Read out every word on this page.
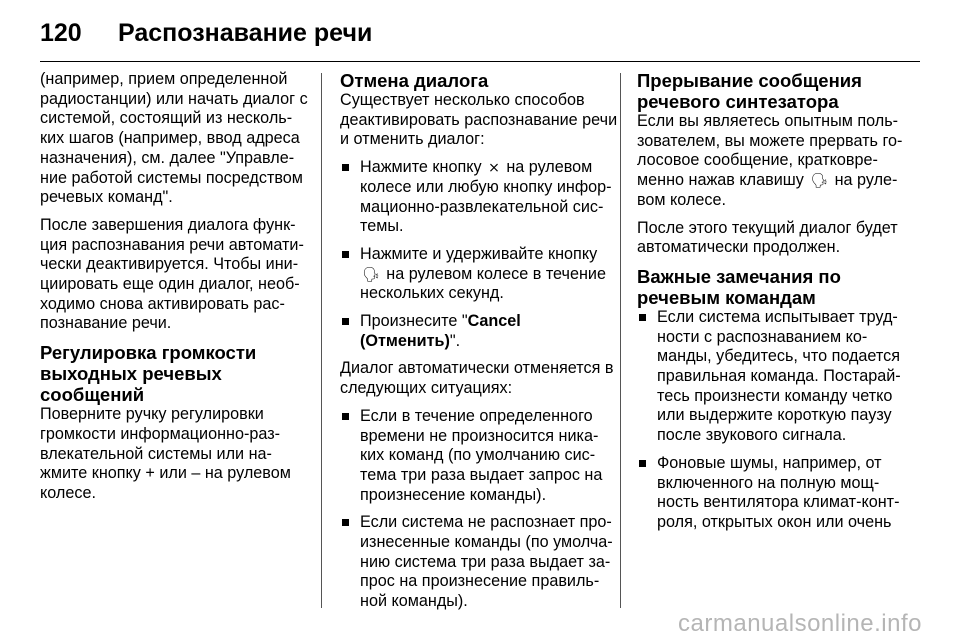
120	Распознавание речи

(например, прием определенной радиостанции) или начать диалог с системой, состоящий из несколь- ких шагов (например, ввод адреса назначения), см. далее "Управле- ние работой системы посредством речевых команд".

После завершения диалога функ- ция распознавания речи автомати- чески деактивируется. Чтобы ини- циировать еще один диалог, необ- ходимо снова активировать рас- познавание речи.

Регулировка громкости выходных речевых сообщений

Поверните ручку регулировки громкости информационно-раз- влекательной системы или на- жмите кнопку + или – на рулевом колесе.

Отмена диалога

Существует несколько способов деактивировать распознавание речи и отменить диалог:

Нажмите кнопку ⨯ на рулевом колесе или любую кнопку инфор- мационно-развлекательной сис- темы.
Нажмите и удерживайте кнопку 🗣 на рулевом колесе в течение нескольких секунд.
Произнесите "Cancel (Отменить)".

Диалог автоматически отменяется в следующих ситуациях:

Если в течение определенного времени не произносится ника- ких команд (по умолчанию сис- тема три раза выдает запрос на произнесение команды).
Если система не распознает про- изнесенные команды (по умолча- нию система три раза выдает за- прос на произнесение правиль- ной команды).
Прерывание сообщения речевого синтезатора

Если вы являетесь опытным поль- зователем, вы можете прервать го- лосовое сообщение, кратковре- менно нажав клавишу 🗣 на руле- вом колесе.

После этого текущий диалог будет автоматически продолжен.

Важные замечания по речевым командам
Если система испытывает труд- ности с распознаванием ко- манды, убедитесь, что подается правильная команда. Постарай- тесь произнести команду четко или выдержите короткую паузу после звукового сигнала.
Фоновые шумы, например, от включенного на полную мощ- ность вентилятора климат-конт- роля, открытых окон или очень
carmanualsonline.info
